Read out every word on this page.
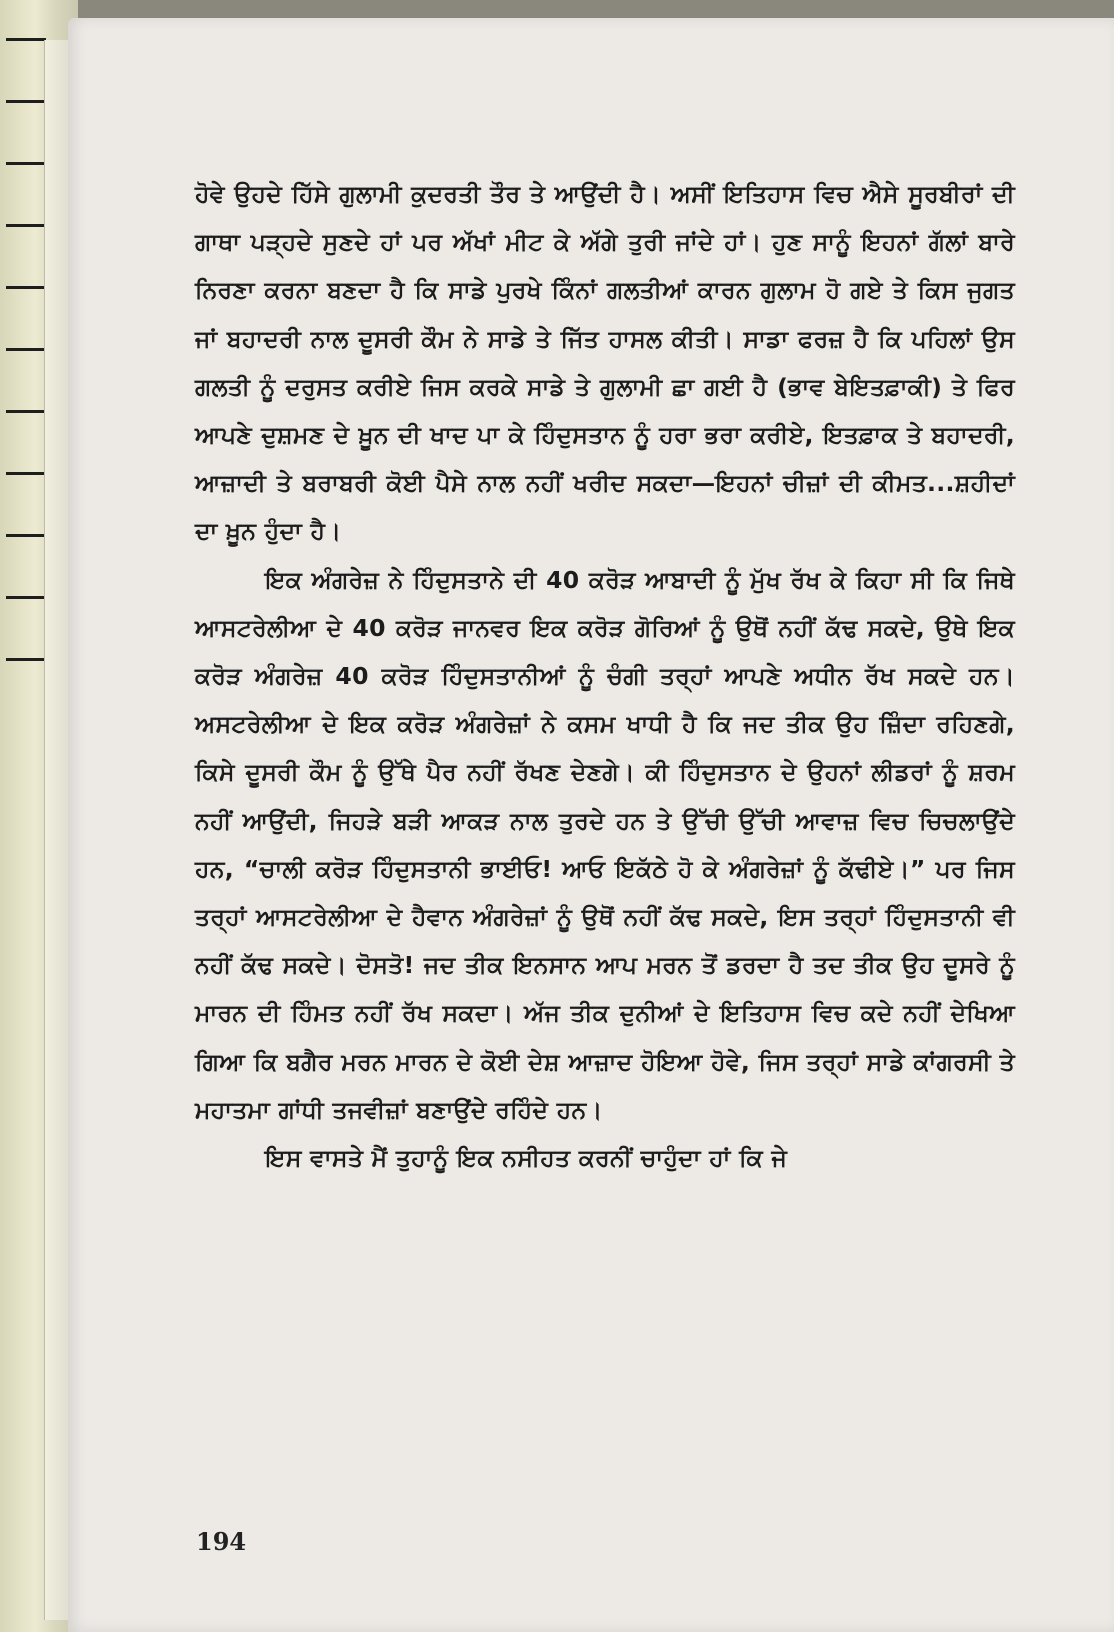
ਹੋਵੇ ਉਹਦੇ ਹਿੱਸੇ ਗੁਲਾਮੀ ਕੁਦਰਤੀ ਤੌਰ ਤੇ ਆਉਂਦੀ ਹੈ। ਅਸੀਂ ਇਤਿਹਾਸ ਵਿਚ ਐਸੇ ਸੂਰਬੀਰਾਂ ਦੀ ਗਾਥਾ ਪੜ੍ਹਦੇ ਸੁਣਦੇ ਹਾਂ ਪਰ ਅੱਖਾਂ ਮੀਟ ਕੇ ਅੱਗੇ ਤੁਰੀ ਜਾਂਦੇ ਹਾਂ। ਹੁਣ ਸਾਨੂੰ ਇਹਨਾਂ ਗੱਲਾਂ ਬਾਰੇ ਨਿਰਣਾ ਕਰਨਾ ਬਣਦਾ ਹੈ ਕਿ ਸਾਡੇ ਪੁਰਖੇ ਕਿੰਨਾਂ ਗਲਤੀਆਂ ਕਾਰਨ ਗੁਲਾਮ ਹੋ ਗਏ ਤੇ ਕਿਸ ਜੁਗਤ ਜਾਂ ਬਹਾਦਰੀ ਨਾਲ ਦੂਸਰੀ ਕੌਮ ਨੇ ਸਾਡੇ ਤੇ ਜਿੱਤ ਹਾਸਲ ਕੀਤੀ। ਸਾਡਾ ਫਰਜ਼ ਹੈ ਕਿ ਪਹਿਲਾਂ ਉਸ ਗਲਤੀ ਨੂੰ ਦਰੁਸਤ ਕਰੀਏ ਜਿਸ ਕਰਕੇ ਸਾਡੇ ਤੇ ਗੁਲਾਮੀ ਛਾ ਗਈ ਹੈ (ਭਾਵ ਬੇਇਤਫ਼ਾਕੀ) ਤੇ ਫਿਰ ਆਪਣੇ ਦੁਸ਼ਮਣ ਦੇ ਖ਼ੂਨ ਦੀ ਖਾਦ ਪਾ ਕੇ ਹਿੰਦੁਸਤਾਨ ਨੂੰ ਹਰਾ ਭਰਾ ਕਰੀਏ, ਇਤਫ਼ਾਕ ਤੇ ਬਹਾਦਰੀ, ਆਜ਼ਾਦੀ ਤੇ ਬਰਾਬਰੀ ਕੋਈ ਪੈਸੇ ਨਾਲ ਨਹੀਂ ਖਰੀਦ ਸਕਦਾ—ਇਹਨਾਂ ਚੀਜ਼ਾਂ ਦੀ ਕੀਮਤ...ਸ਼ਹੀਦਾਂ ਦਾ ਖ਼ੂਨ ਹੁੰਦਾ ਹੈ।

ਇਕ ਅੰਗਰੇਜ਼ ਨੇ ਹਿੰਦੁਸਤਾਨੇ ਦੀ 40 ਕਰੋੜ ਆਬਾਦੀ ਨੂੰ ਮੁੱਖ ਰੱਖ ਕੇ ਕਿਹਾ ਸੀ ਕਿ ਜਿਥੇ ਆਸਟਰੇਲੀਆ ਦੇ 40 ਕਰੋੜ ਜਾਨਵਰ ਇਕ ਕਰੋੜ ਗੋਰਿਆਂ ਨੂੰ ਉਥੋਂ ਨਹੀਂ ਕੱਢ ਸਕਦੇ, ਉਥੇ ਇਕ ਕਰੋੜ ਅੰਗਰੇਜ਼ 40 ਕਰੋੜ ਹਿੰਦੁਸਤਾਨੀਆਂ ਨੂੰ ਚੰਗੀ ਤਰ੍ਹਾਂ ਆਪਣੇ ਅਧੀਨ ਰੱਖ ਸਕਦੇ ਹਨ। ਅਸਟਰੇਲੀਆ ਦੇ ਇਕ ਕਰੋੜ ਅੰਗਰੇਜ਼ਾਂ ਨੇ ਕਸਮ ਖਾਧੀ ਹੈ ਕਿ ਜਦ ਤੀਕ ਉਹ ਜ਼ਿੰਦਾ ਰਹਿਣਗੇ, ਕਿਸੇ ਦੂਸਰੀ ਕੌਮ ਨੂੰ ਉੱਥੇ ਪੈਰ ਨਹੀਂ ਰੱਖਣ ਦੇਣਗੇ। ਕੀ ਹਿੰਦੁਸਤਾਨ ਦੇ ਉਹਨਾਂ ਲੀਡਰਾਂ ਨੂੰ ਸ਼ਰਮ ਨਹੀਂ ਆਉਂਦੀ, ਜਿਹੜੇ ਬੜੀ ਆਕੜ ਨਾਲ ਤੁਰਦੇ ਹਨ ਤੇ ਉੱਚੀ ਉੱਚੀ ਆਵਾਜ਼ ਵਿਚ ਚਿਚਲਾਉਂਦੇ ਹਨ, “ਚਾਲੀ ਕਰੋੜ ਹਿੰਦੁਸਤਾਨੀ ਭਾਈਓ! ਆਓ ਇਕੱਠੇ ਹੋ ਕੇ ਅੰਗਰੇਜ਼ਾਂ ਨੂੰ ਕੱਢੀਏ।” ਪਰ ਜਿਸ ਤਰ੍ਹਾਂ ਆਸਟਰੇਲੀਆ ਦੇ ਹੈਵਾਨ ਅੰਗਰੇਜ਼ਾਂ ਨੂੰ ਉਥੋਂ ਨਹੀਂ ਕੱਢ ਸਕਦੇ, ਇਸ ਤਰ੍ਹਾਂ ਹਿੰਦੁਸਤਾਨੀ ਵੀ ਨਹੀਂ ਕੱਢ ਸਕਦੇ। ਦੋਸਤੋ! ਜਦ ਤੀਕ ਇਨਸਾਨ ਆਪ ਮਰਨ ਤੋਂ ਡਰਦਾ ਹੈ ਤਦ ਤੀਕ ਉਹ ਦੂਸਰੇ ਨੂੰ ਮਾਰਨ ਦੀ ਹਿੰਮਤ ਨਹੀਂ ਰੱਖ ਸਕਦਾ। ਅੱਜ ਤੀਕ ਦੁਨੀਆਂ ਦੇ ਇਤਿਹਾਸ ਵਿਚ ਕਦੇ ਨਹੀਂ ਦੇਖਿਆ ਗਿਆ ਕਿ ਬਗੈਰ ਮਰਨ ਮਾਰਨ ਦੇ ਕੋਈ ਦੇਸ਼ ਆਜ਼ਾਦ ਹੋਇਆ ਹੋਵੇ, ਜਿਸ ਤਰ੍ਹਾਂ ਸਾਡੇ ਕਾਂਗਰਸੀ ਤੇ ਮਹਾਤਮਾ ਗਾਂਧੀ ਤਜਵੀਜ਼ਾਂ ਬਣਾਉਂਦੇ ਰਹਿੰਦੇ ਹਨ।

ਇਸ ਵਾਸਤੇ ਮੈਂ ਤੁਹਾਨੂੰ ਇਕ ਨਸੀਹਤ ਕਰਨੀਂ ਚਾਹੁੰਦਾ ਹਾਂ ਕਿ ਜੇ

194
